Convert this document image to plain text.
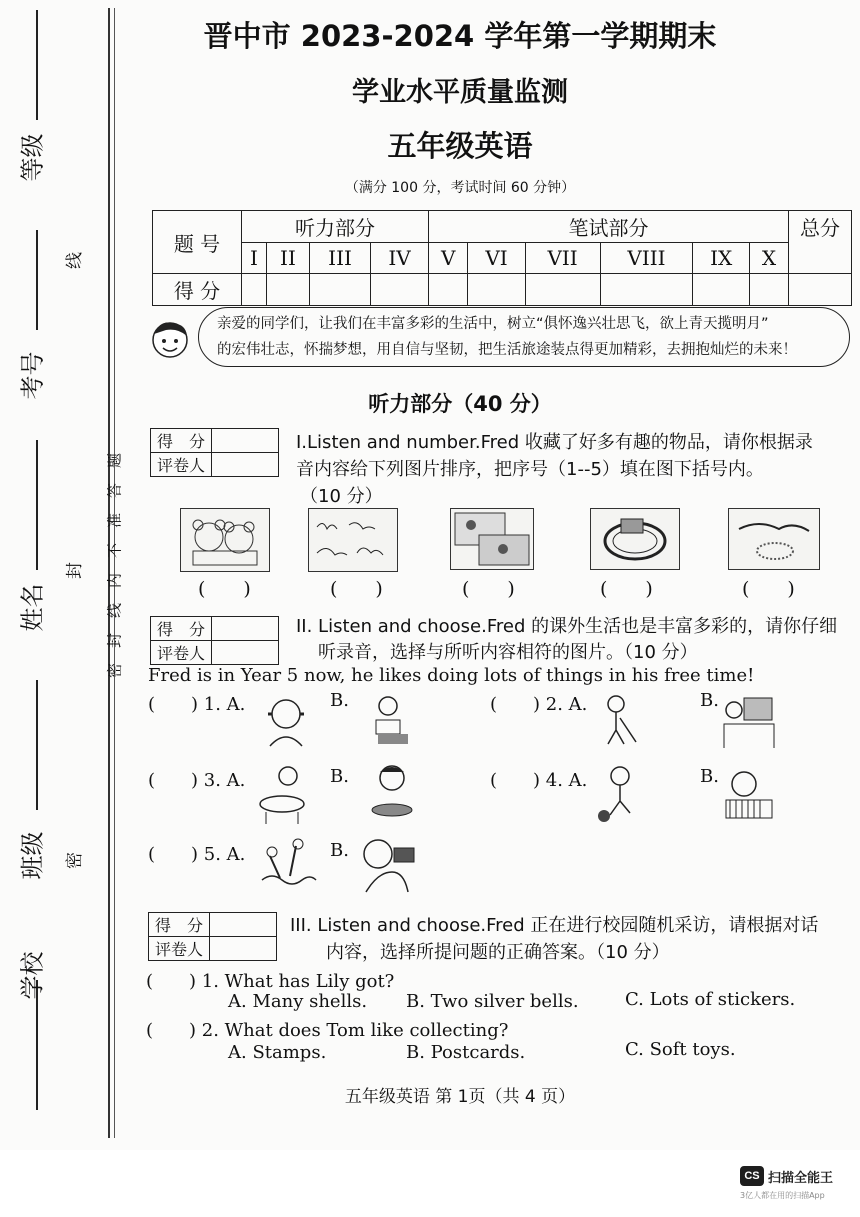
等级
考号
姓名
班级
学校
线
封
密
密　封　线　内　不　准　答　题
晋中市 2023-2024 学年第一学期期末
学业水平质量监测
五年级英语
（满分 100 分，考试时间 60 分钟）
题 号	听力部分				笔试部分						总分
	I	II	III	IV	V	VI	VII	VIII	IX	X	
得 分											
亲爱的同学们，让我们在丰富多彩的生活中，树立“俱怀逸兴壮思飞，欲上青天揽明月”
的宏伟壮志，怀揣梦想，用自信与坚韧，把生活旅途装点得更加精彩，去拥抱灿烂的未来！
听力部分（40 分）
得　分	
评卷人	
I.Listen and number.Fred 收藏了好多有趣的物品，请你根据录
音内容给下列图片排序，把序号（1--5）填在图下括号内。
（10 分）
(　　)	(　　)	(　　)	(　　)	(　　)
得　分	
评卷人	
II. Listen and choose.Fred 的课外生活也是丰富多彩的，请你仔细
听录音，选择与所听内容相符的图片。（10 分）
Fred is in Year 5 now, he likes doing lots of things in his free time!
(　　) 1. A.	B.	(　　) 2. A.	B.
(　　) 3. A.	B.	(　　) 4. A.	B.
(　　) 5. A.	B.
得　分	
评卷人	
III. Listen and choose.Fred 正在进行校园随机采访，请根据对话
内容，选择所提问题的正确答案。（10 分）
(　　) 1. What has Lily got?
A. Many shells. B. Two silver bells.	C. Lots of stickers.
(　　) 2. What does Tom like collecting?
A. Stamps.	B. Postcards.	C. Soft toys.
五年级英语 第 1页（共 4 页）
CS 扫描全能王
3亿人都在用的扫描App
